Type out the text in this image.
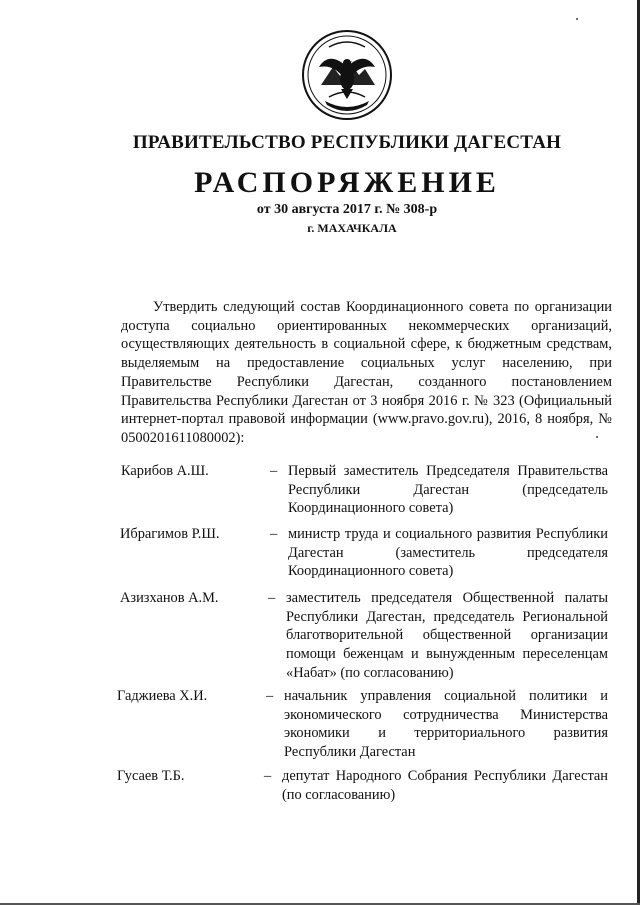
ПРАВИТЕЛЬСТВО РЕСПУБЛИКИ ДАГЕСТАН
РАСПОРЯЖЕНИЕ
от 30 августа 2017 г. № 308-р
г. МАХАЧКАЛА

Утвердить следующий состав Координационного совета по организации доступа социально ориентированных некоммерческих организаций, осуществляющих деятельность в социальной сфере, к бюджетным средствам, выделяемым на предоставление социальных услуг населению, при Правительстве Республики Дагестан, созданного постановлением Правительства Республики Дагестан от 3 ноября 2016 г. № 323 (Официальный интернет-портал правовой информации (www.pravo.gov.ru), 2016, 8 ноября, № 0500201611080002):

Карибов А.Ш.	– Первый заместитель Председателя Правительства Республики Дагестан (председатель Координационного совета)
Ибрагимов Р.Ш.	– министр труда и социального развития Республики Дагестан (заместитель председателя Координационного совета)
Азизханов А.М.	– заместитель председателя Общественной палаты Республики Дагестан, председатель Региональной благотворительной общественной организации помощи беженцам и вынужденным переселенцам «Набат» (по согласованию)
Гаджиева Х.И.	– начальник управления социальной политики и экономического сотрудничества Министерства экономики и территориального развития Республики Дагестан
Гусаев Т.Б.	– депутат Народного Собрания Республики Дагестан (по согласованию)
